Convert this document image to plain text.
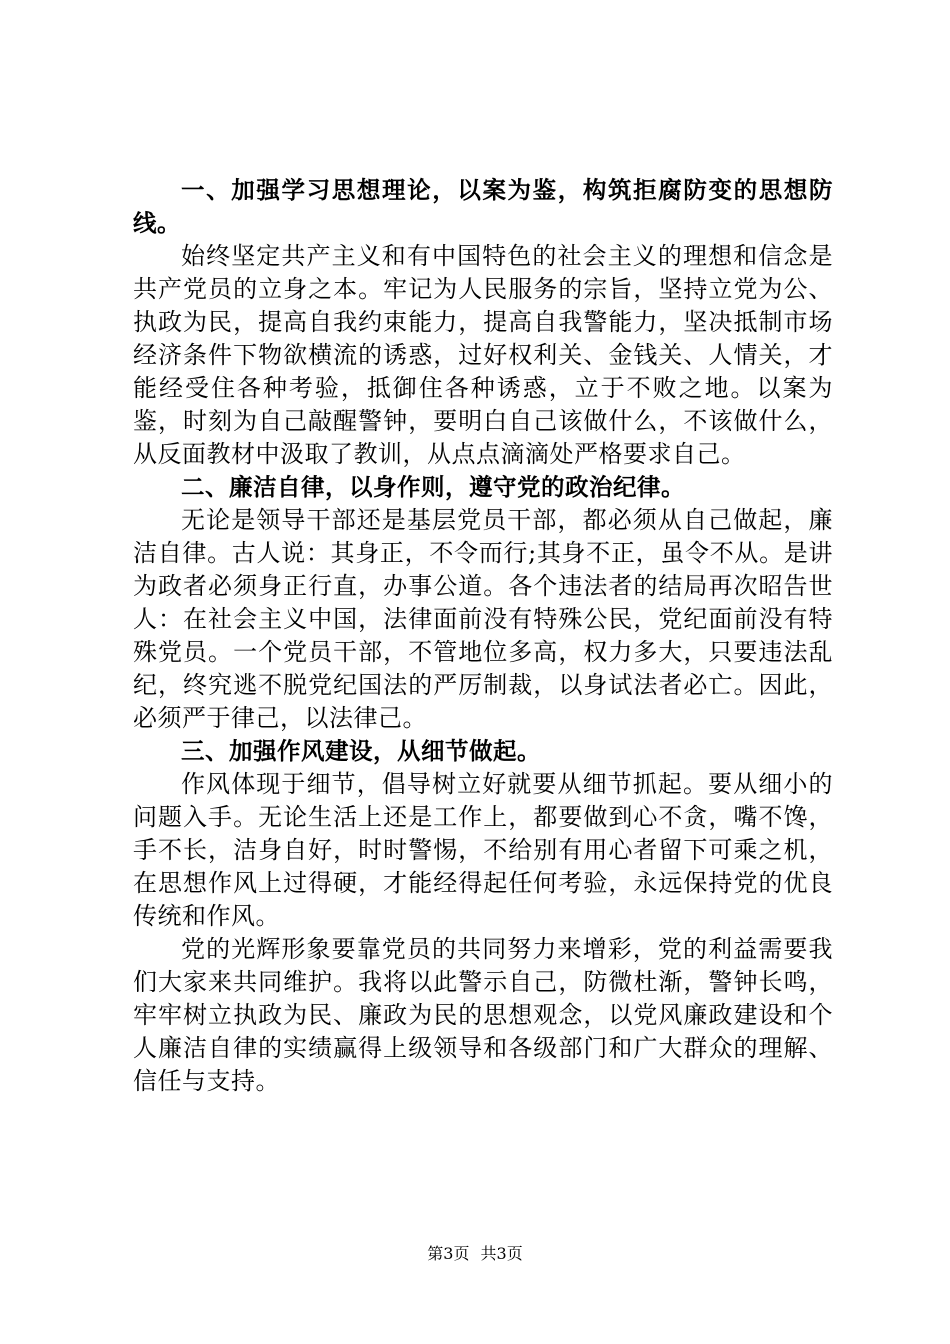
一、加强学习思想理论，以案为鉴，构筑拒腐防变的思想防线。

始终坚定共产主义和有中国特色的社会主义的理想和信念是共产党员的立身之本。牢记为人民服务的宗旨，坚持立党为公、执政为民，提高自我约束能力，提高自我警能力，坚决抵制市场经济条件下物欲横流的诱惑，过好权利关、金钱关、人情关，才能经受住各种考验，抵御住各种诱惑，立于不败之地。以案为鉴，时刻为自己敲醒警钟，要明白自己该做什么，不该做什么，从反面教材中汲取了教训，从点点滴滴处严格要求自己。

二、廉洁自律，以身作则，遵守党的政治纪律。

无论是领导干部还是基层党员干部，都必须从自己做起，廉洁自律。古人说：其身正，不令而行;其身不正，虽令不从。是讲为政者必须身正行直，办事公道。各个违法者的结局再次昭告世人：在社会主义中国，法律面前没有特殊公民，党纪面前没有特殊党员。一个党员干部，不管地位多高，权力多大，只要违法乱纪，终究逃不脱党纪国法的严厉制裁，以身试法者必亡。因此，必须严于律己，以法律己。

三、加强作风建设，从细节做起。

作风体现于细节，倡导树立好就要从细节抓起。要从细小的问题入手。无论生活上还是工作上，都要做到心不贪，嘴不馋，手不长，洁身自好，时时警惕，不给别有用心者留下可乘之机，在思想作风上过得硬，才能经得起任何考验，永远保持党的优良传统和作风。

党的光辉形象要靠党员的共同努力来增彩，党的利益需要我们大家来共同维护。我将以此警示自己，防微杜渐，警钟长鸣，牢牢树立执政为民、廉政为民的思想观念，以党风廉政建设和个人廉洁自律的实绩赢得上级领导和各级部门和广大群众的理解、信任与支持。

第3页 共3页
